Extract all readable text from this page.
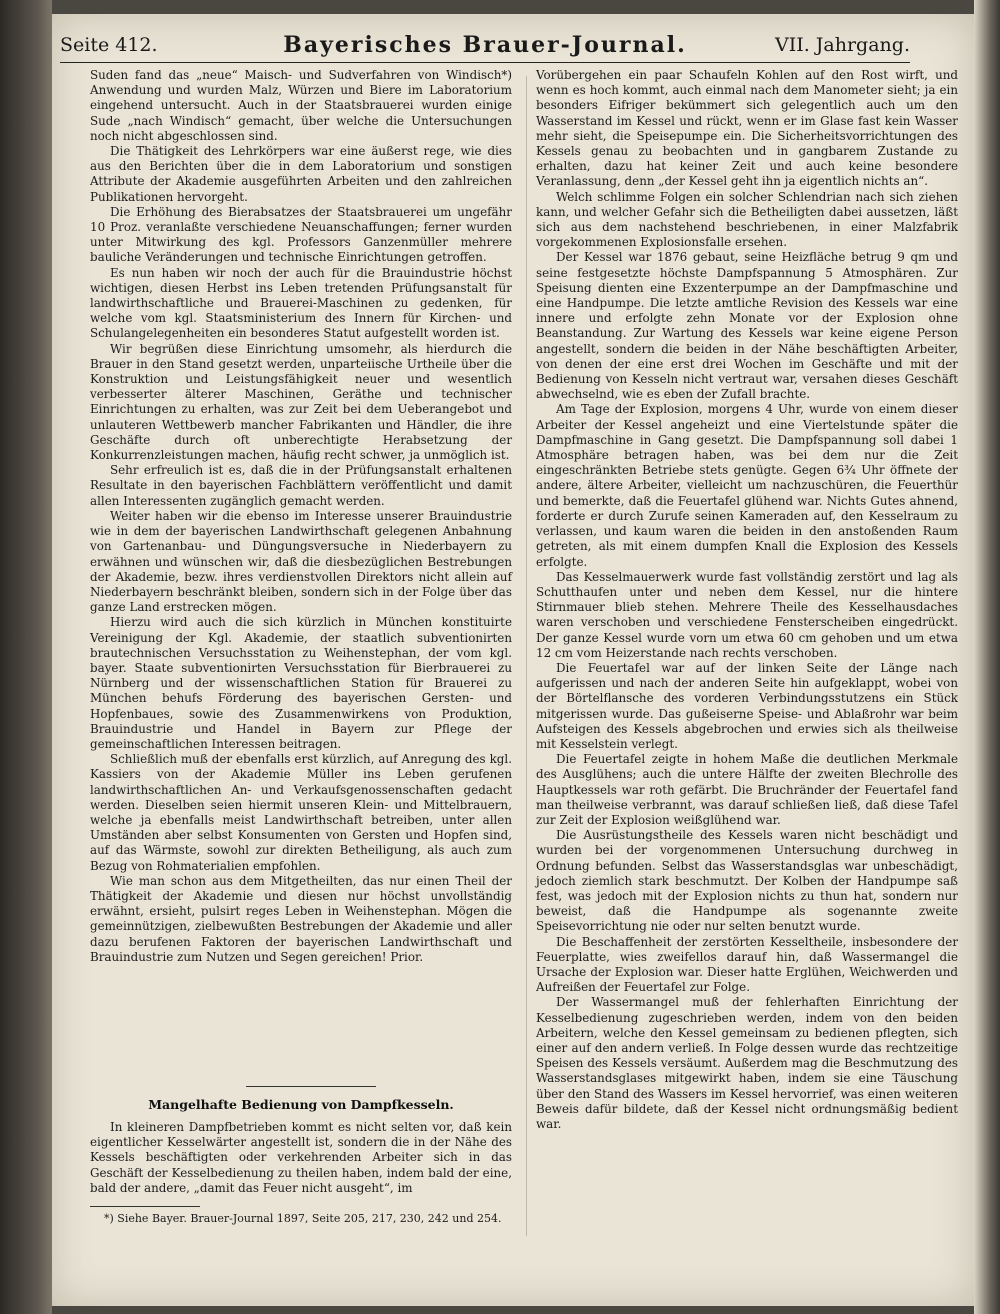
Seite 412.	Bayerisches Brauer-Journal.	VII. Jahrgang.

Suden fand das „neue“ Maisch- und Sudverfahren von Windisch*) Anwendung und wurden Malz, Würzen und Biere im Laboratorium eingehend untersucht. Auch in der Staatsbrauerei wurden einige Sude „nach Windisch“ gemacht, über welche die Untersuchungen noch nicht abgeschlossen sind.

Die Thätigkeit des Lehrkörpers war eine äußerst rege, wie dies aus den Berichten über die in dem Laboratorium und sonstigen Attribute der Akademie ausgeführten Arbeiten und den zahlreichen Publikationen hervorgeht.

Die Erhöhung des Bierabsatzes der Staatsbrauerei um ungefähr 10 Proz. veranlaßte verschiedene Neuanschaffungen; ferner wurden unter Mitwirkung des kgl. Professors Ganzenmüller mehrere bauliche Veränderungen und technische Einrichtungen getroffen.

Es nun haben wir noch der auch für die Brauindustrie höchst wichtigen, diesen Herbst ins Leben tretenden Prüfungsanstalt für landwirthschaftliche und Brauerei-Maschinen zu gedenken, für welche vom kgl. Staatsministerium des Innern für Kirchen- und Schulangelegenheiten ein besonderes Statut aufgestellt worden ist.

Wir begrüßen diese Einrichtung umsomehr, als hierdurch die Brauer in den Stand gesetzt werden, unparteiische Urtheile über die Konstruktion und Leistungsfähigkeit neuer und wesentlich verbesserter älterer Maschinen, Geräthe und technischer Einrichtungen zu erhalten, was zur Zeit bei dem Ueberangebot und unlauteren Wettbewerb mancher Fabrikanten und Händler, die ihre Geschäfte durch oft unberechtigte Herabsetzung der Konkurrenzleistungen machen, häufig recht schwer, ja unmöglich ist.

Sehr erfreulich ist es, daß die in der Prüfungsanstalt erhaltenen Resultate in den bayerischen Fachblättern veröffentlicht und damit allen Interessenten zugänglich gemacht werden.

Weiter haben wir die ebenso im Interesse unserer Brauindustrie wie in dem der bayerischen Landwirthschaft gelegenen Anbahnung von Gartenanbau- und Düngungsversuche in Niederbayern zu erwähnen und wünschen wir, daß die diesbezüglichen Bestrebungen der Akademie, bezw. ihres verdienstvollen Direktors nicht allein auf Niederbayern beschränkt bleiben, sondern sich in der Folge über das ganze Land erstrecken mögen.

Hierzu wird auch die sich kürzlich in München konstituirte Vereinigung der Kgl. Akademie, der staatlich subventionirten brautechnischen Versuchsstation zu Weihenstephan, der vom kgl. bayer. Staate subventionirten Versuchsstation für Bierbrauerei zu Nürnberg und der wissenschaftlichen Station für Brauerei zu München behufs Förderung des bayerischen Gersten- und Hopfenbaues, sowie des Zusammenwirkens von Produktion, Brauindustrie und Handel in Bayern zur Pflege der gemeinschaftlichen Interessen beitragen.

Schließlich muß der ebenfalls erst kürzlich, auf Anregung des kgl. Kassiers von der Akademie Müller ins Leben gerufenen landwirthschaftlichen An- und Verkaufsgenossenschaften gedacht werden. Dieselben seien hiermit unseren Klein- und Mittelbrauern, welche ja ebenfalls meist Landwirthschaft betreiben, unter allen Umständen aber selbst Konsumenten von Gersten und Hopfen sind, auf das Wärmste, sowohl zur direkten Betheiligung, als auch zum Bezug von Rohmaterialien empfohlen.

Wie man schon aus dem Mitgetheilten, das nur einen Theil der Thätigkeit der Akademie und diesen nur höchst unvollständig erwähnt, ersieht, pulsirt reges Leben in Weihenstephan. Mögen die gemeinnützigen, zielbewußten Bestrebungen der Akademie und aller dazu berufenen Faktoren der bayerischen Landwirthschaft und Brauindustrie zum Nutzen und Segen gereichen! Prior.

Mangelhafte Bedienung von Dampfkesseln.

In kleineren Dampfbetrieben kommt es nicht selten vor, daß kein eigentlicher Kesselwärter angestellt ist, sondern die in der Nähe des Kessels beschäftigten oder verkehrenden Arbeiter sich in das Geschäft der Kesselbedienung zu theilen haben, indem bald der eine, bald der andere, „damit das Feuer nicht ausgeht“, im

*) Siehe Bayer. Brauer-Journal 1897, Seite 205, 217, 230, 242 und 254.

Vorübergehen ein paar Schaufeln Kohlen auf den Rost wirft, und wenn es hoch kommt, auch einmal nach dem Manometer sieht; ja ein besonders Eifriger bekümmert sich gelegentlich auch um den Wasserstand im Kessel und rückt, wenn er im Glase fast kein Wasser mehr sieht, die Speisepumpe ein. Die Sicherheitsvorrichtungen des Kessels genau zu beobachten und in gangbarem Zustande zu erhalten, dazu hat keiner Zeit und auch keine besondere Veranlassung, denn „der Kessel geht ihn ja eigentlich nichts an“.

Welch schlimme Folgen ein solcher Schlendrian nach sich ziehen kann, und welcher Gefahr sich die Betheiligten dabei aussetzen, läßt sich aus dem nachstehend beschriebenen, in einer Malzfabrik vorgekommenen Explosionsfalle ersehen.

Der Kessel war 1876 gebaut, seine Heizfläche betrug 9 qm und seine festgesetzte höchste Dampfspannung 5 Atmosphären. Zur Speisung dienten eine Exzenterpumpe an der Dampfmaschine und eine Handpumpe. Die letzte amtliche Revision des Kessels war eine innere und erfolgte zehn Monate vor der Explosion ohne Beanstandung. Zur Wartung des Kessels war keine eigene Person angestellt, sondern die beiden in der Nähe beschäftigten Arbeiter, von denen der eine erst drei Wochen im Geschäfte und mit der Bedienung von Kesseln nicht vertraut war, versahen dieses Geschäft abwechselnd, wie es eben der Zufall brachte.

Am Tage der Explosion, morgens 4 Uhr, wurde von einem dieser Arbeiter der Kessel angeheizt und eine Viertelstunde später die Dampfmaschine in Gang gesetzt. Die Dampfspannung soll dabei 1 Atmosphäre betragen haben, was bei dem nur die Zeit eingeschränkten Betriebe stets genügte. Gegen 6¾ Uhr öffnete der andere, ältere Arbeiter, vielleicht um nachzuschüren, die Feuerthür und bemerkte, daß die Feuertafel glühend war. Nichts Gutes ahnend, forderte er durch Zurufe seinen Kameraden auf, den Kesselraum zu verlassen, und kaum waren die beiden in den anstoßenden Raum getreten, als mit einem dumpfen Knall die Explosion des Kessels erfolgte.

Das Kesselmauerwerk wurde fast vollständig zerstört und lag als Schutthaufen unter und neben dem Kessel, nur die hintere Stirnmauer blieb stehen. Mehrere Theile des Kesselhausdaches waren verschoben und verschiedene Fensterscheiben eingedrückt. Der ganze Kessel wurde vorn um etwa 60 cm gehoben und um etwa 12 cm vom Heizerstande nach rechts verschoben.

Die Feuertafel war auf der linken Seite der Länge nach aufgerissen und nach der anderen Seite hin aufgeklappt, wobei von der Börtelflansche des vorderen Verbindungsstutzens ein Stück mitgerissen wurde. Das gußeiserne Speise- und Ablaßrohr war beim Aufsteigen des Kessels abgebrochen und erwies sich als theilweise mit Kesselstein verlegt.

Die Feuertafel zeigte in hohem Maße die deutlichen Merkmale des Ausglühens; auch die untere Hälfte der zweiten Blechrolle des Hauptkessels war roth gefärbt. Die Bruchränder der Feuertafel fand man theilweise verbrannt, was darauf schließen ließ, daß diese Tafel zur Zeit der Explosion weißglühend war.

Die Ausrüstungstheile des Kessels waren nicht beschädigt und wurden bei der vorgenommenen Untersuchung durchweg in Ordnung befunden. Selbst das Wasserstandsglas war unbeschädigt, jedoch ziemlich stark beschmutzt. Der Kolben der Handpumpe saß fest, was jedoch mit der Explosion nichts zu thun hat, sondern nur beweist, daß die Handpumpe als sogenannte zweite Speisevorrichtung nie oder nur selten benutzt wurde.

Die Beschaffenheit der zerstörten Kesseltheile, insbesondere der Feuerplatte, wies zweifellos darauf hin, daß Wassermangel die Ursache der Explosion war. Dieser hatte Erglühen, Weichwerden und Aufreißen der Feuertafel zur Folge.

Der Wassermangel muß der fehlerhaften Einrichtung der Kesselbedienung zugeschrieben werden, indem von den beiden Arbeitern, welche den Kessel gemeinsam zu bedienen pflegten, sich einer auf den andern verließ. In Folge dessen wurde das rechtzeitige Speisen des Kessels versäumt. Außerdem mag die Beschmutzung des Wasserstandsglases mitgewirkt haben, indem sie eine Täuschung über den Stand des Wassers im Kessel hervorrief, was einen weiteren Beweis dafür bildete, daß der Kessel nicht ordnungsmäßig bedient war.
